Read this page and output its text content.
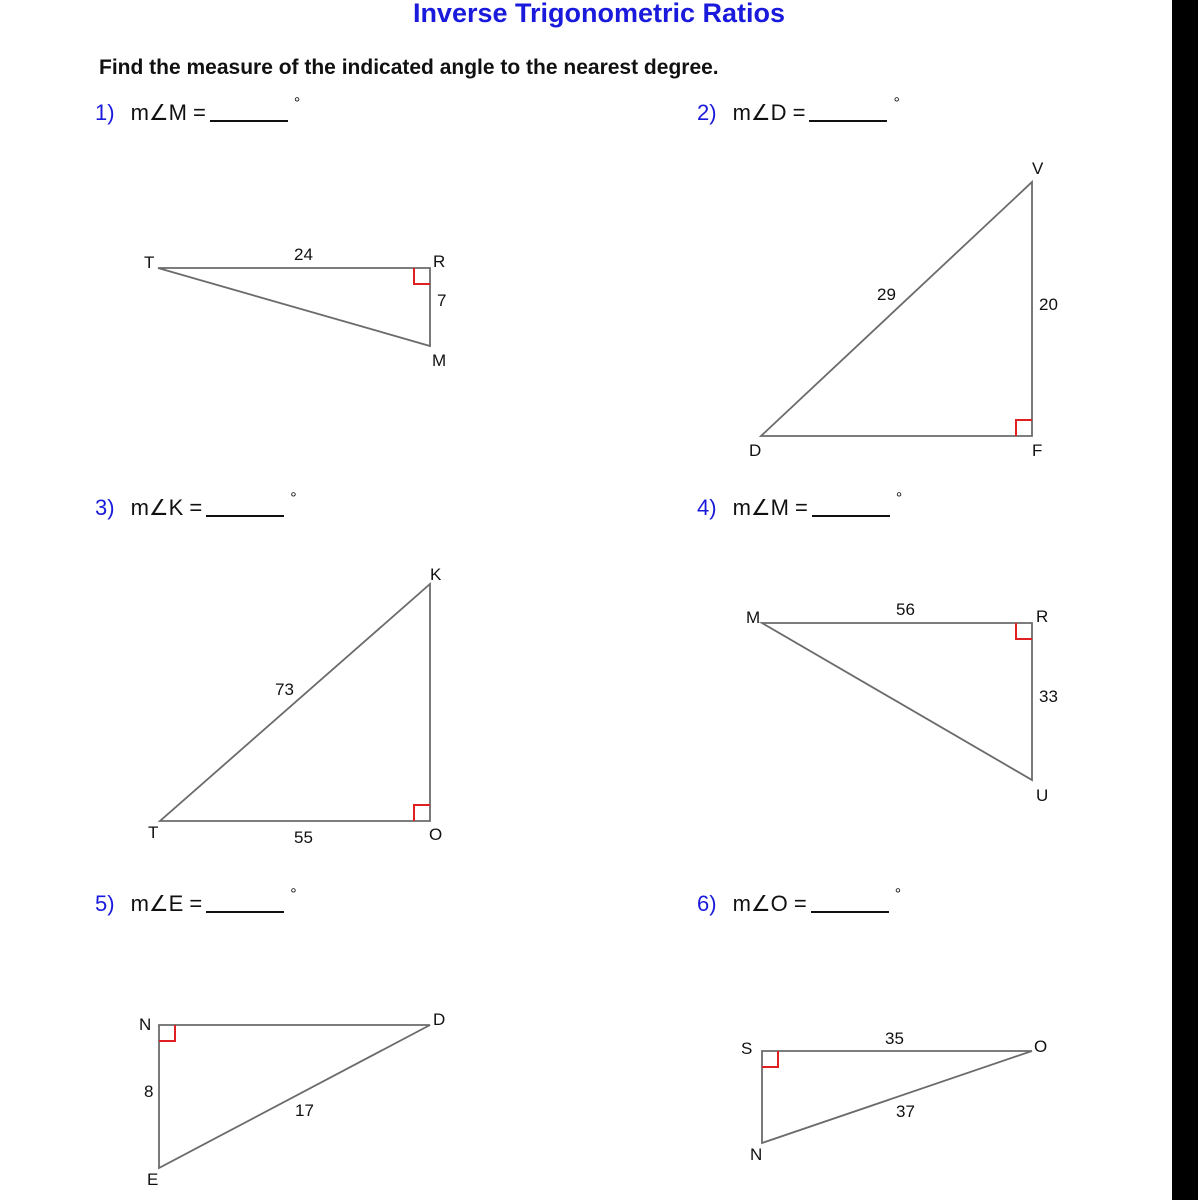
Inverse Trigonometric Ratios
Find the measure of the indicated angle to the nearest degree.
1) m∠M =	°	2) m∠D =	°
3) m∠K =	°	4) m∠M =	°
5) m∠E =	°	6) m∠O =	°
T	R
M
24
7
V
D	F
29
20
K
T	O
73
55
M	R
U
56
33
N	D
E
8
17
S	O
N
35
37
